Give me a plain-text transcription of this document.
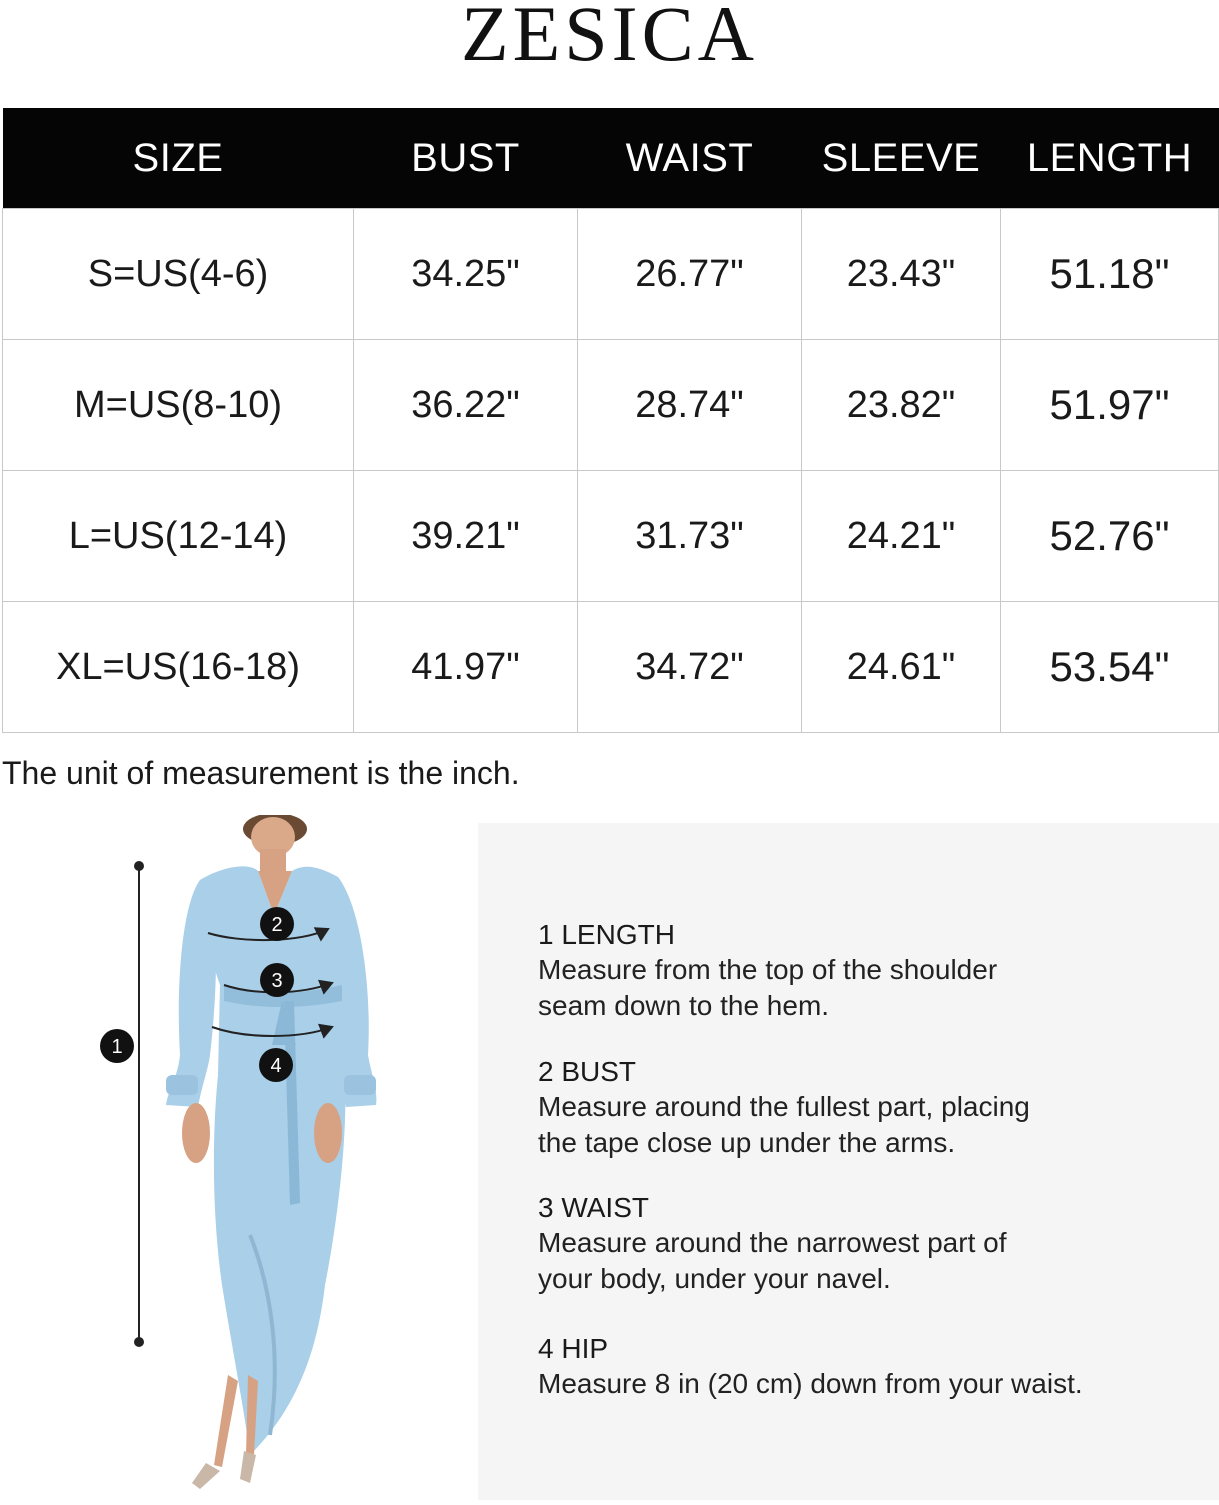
ZESICA
SIZE	BUST	WAIST	SLEEVE	LENGTH
S=US(4-6)	34.25"	26.77"	23.43"	51.18"
M=US(8-10)	36.22"	28.74"	23.82"	51.97"
L=US(12-14)	39.21"	31.73"	24.21"	52.76"
XL=US(16-18)	41.97"	34.72"	24.61"	53.54"
The unit of measurement is the inch.
1
2
3
4
1 LENGTH
Measure from the top of the shoulder
seam down to the hem.
2 BUST
Measure around the fullest part, placing
the tape close up under the arms.
3 WAIST
Measure around the narrowest part of
your body, under your navel.
4 HIP
Measure 8 in (20 cm) down from your waist.
